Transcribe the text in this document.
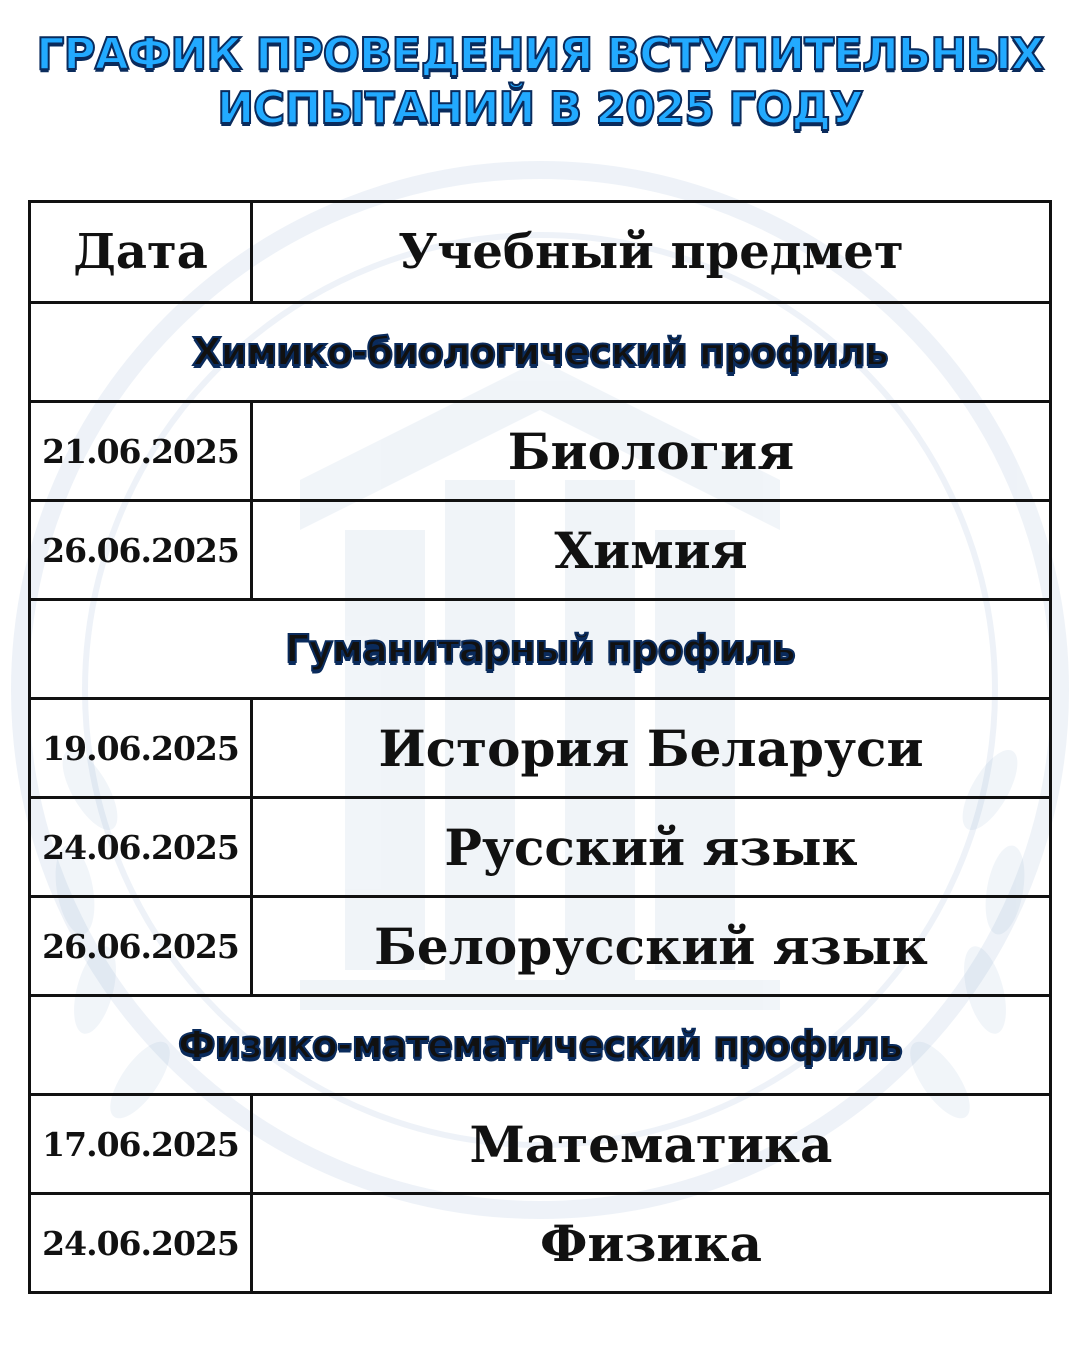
ГРАФИК ПРОВЕДЕНИЯ ВСТУПИТЕЛЬНЫХ
ИСПЫТАНИЙ В 2025 ГОДУ
Дата	Учебный предмет
Химико-биологический профиль	
21.06.2025	Биология
26.06.2025	Химия
Гуманитарный профиль	
19.06.2025	История Беларуси
24.06.2025	Русский язык
26.06.2025	Белорусский язык
Физико-математический профиль	
17.06.2025	Математика
24.06.2025	Физика
